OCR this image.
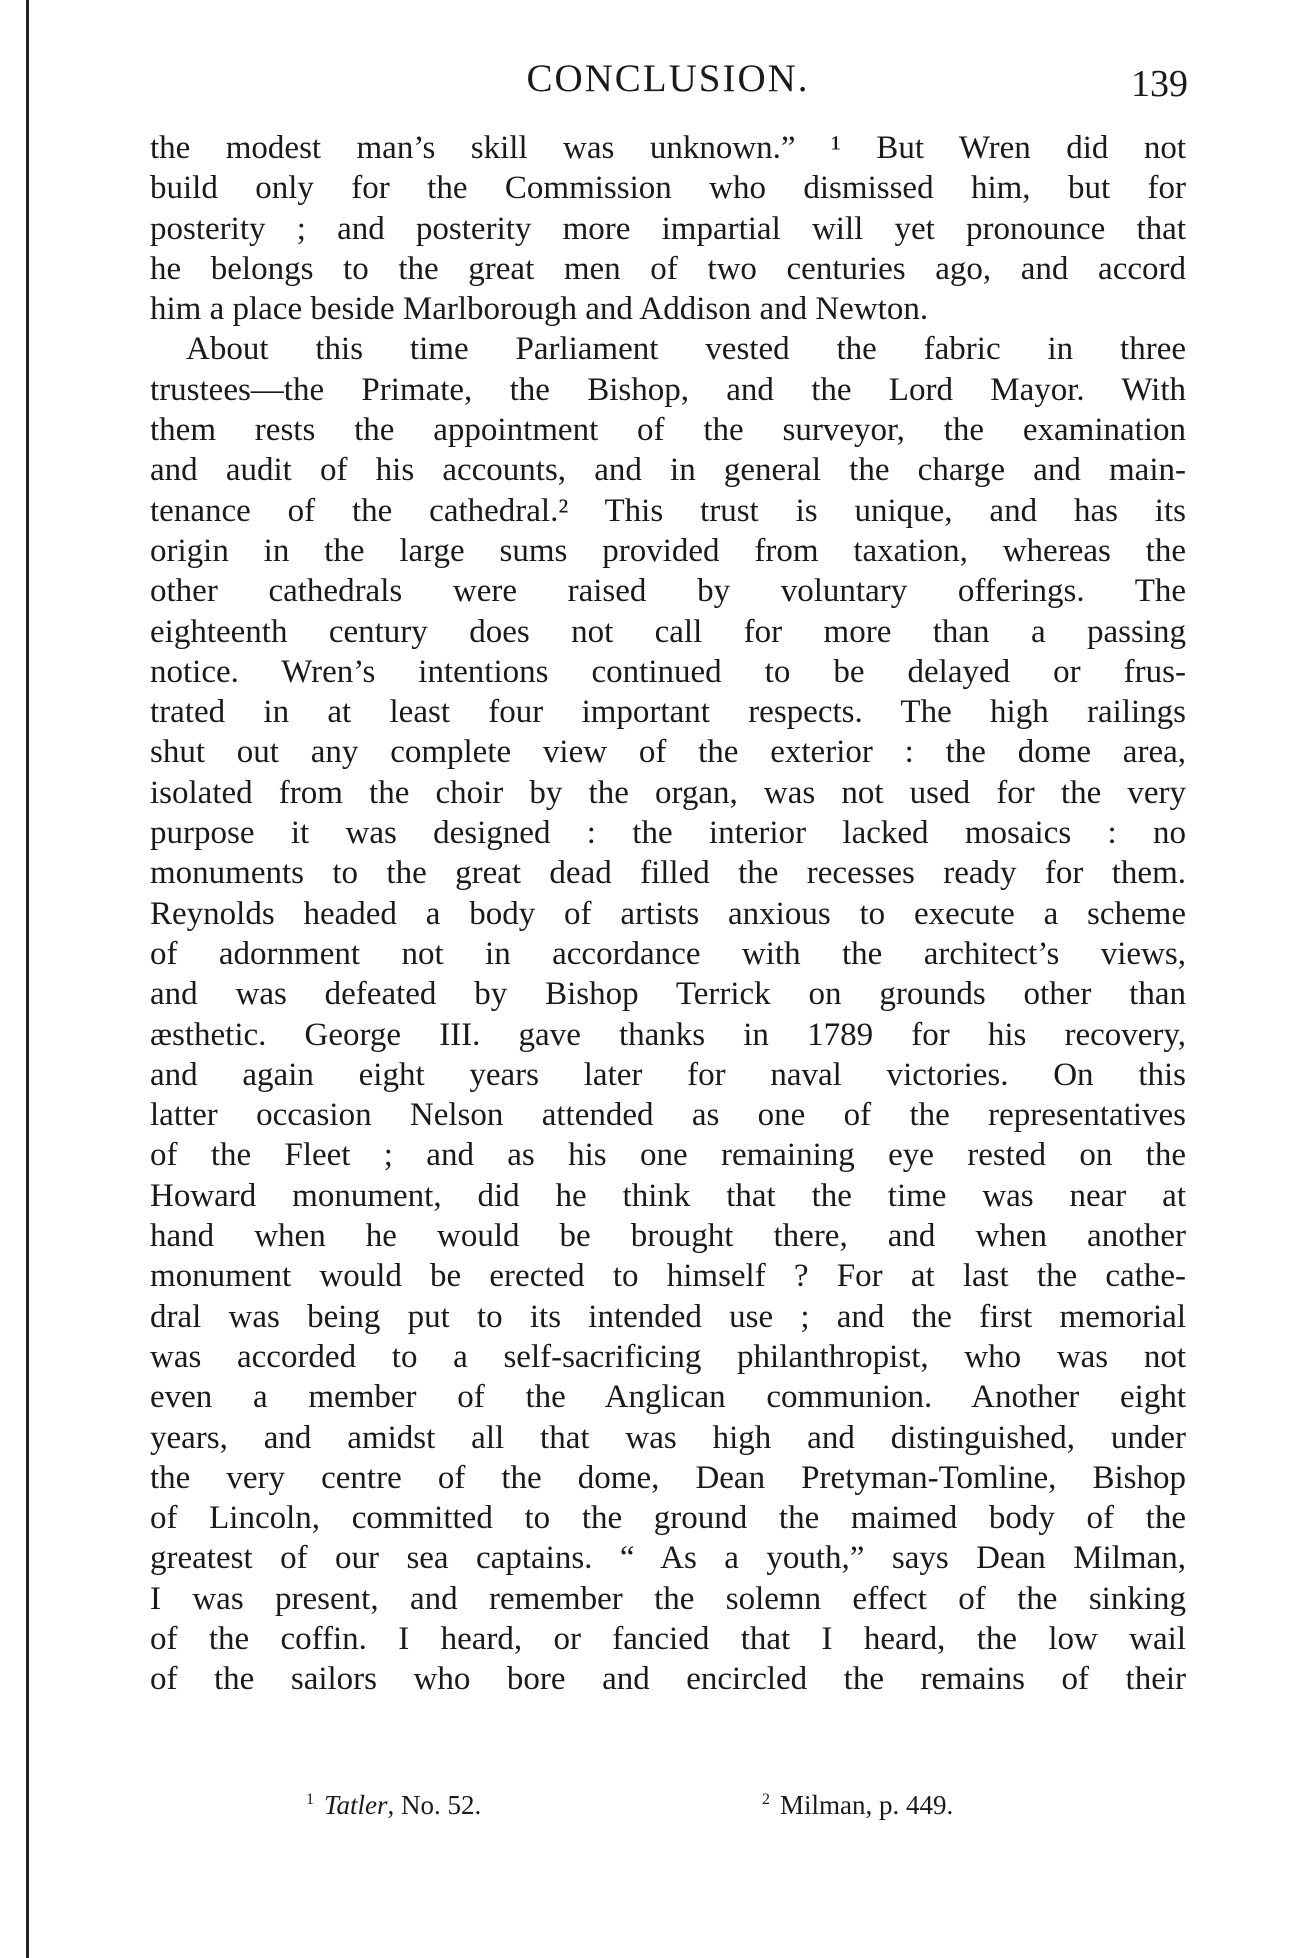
CONCLUSION.	139
the modest man’s skill was unknown.” ¹ But Wren did not
build only for the Commission who dismissed him, but for
posterity ; and posterity more impartial will yet pronounce that
he belongs to the great men of two centuries ago, and accord
him a place beside Marlborough and Addison and Newton.
About this time Parliament vested the fabric in three
trustees—the Primate, the Bishop, and the Lord Mayor. With
them rests the appointment of the surveyor, the examination
and audit of his accounts, and in general the charge and main-
tenance of the cathedral.² This trust is unique, and has its
origin in the large sums provided from taxation, whereas the
other cathedrals were raised by voluntary offerings. The
eighteenth century does not call for more than a passing
notice. Wren’s intentions continued to be delayed or frus-
trated in at least four important respects. The high railings
shut out any complete view of the exterior : the dome area,
isolated from the choir by the organ, was not used for the very
purpose it was designed : the interior lacked mosaics : no
monuments to the great dead filled the recesses ready for them.
Reynolds headed a body of artists anxious to execute a scheme
of adornment not in accordance with the architect’s views,
and was defeated by Bishop Terrick on grounds other than
æsthetic. George III. gave thanks in 1789 for his recovery,
and again eight years later for naval victories. On this
latter occasion Nelson attended as one of the representatives
of the Fleet ; and as his one remaining eye rested on the
Howard monument, did he think that the time was near at
hand when he would be brought there, and when another
monument would be erected to himself ? For at last the cathe-
dral was being put to its intended use ; and the first memorial
was accorded to a self-sacrificing philanthropist, who was not
even a member of the Anglican communion. Another eight
years, and amidst all that was high and distinguished, under
the very centre of the dome, Dean Pretyman-Tomline, Bishop
of Lincoln, committed to the ground the maimed body of the
greatest of our sea captains. “ As a youth,” says Dean Milman,
I was present, and remember the solemn effect of the sinking
of the coffin. I heard, or fancied that I heard, the low wail
of the sailors who bore and encircled the remains of their
$^1$ Tatler, No. 52.	$^2$ Milman, p. 449.
